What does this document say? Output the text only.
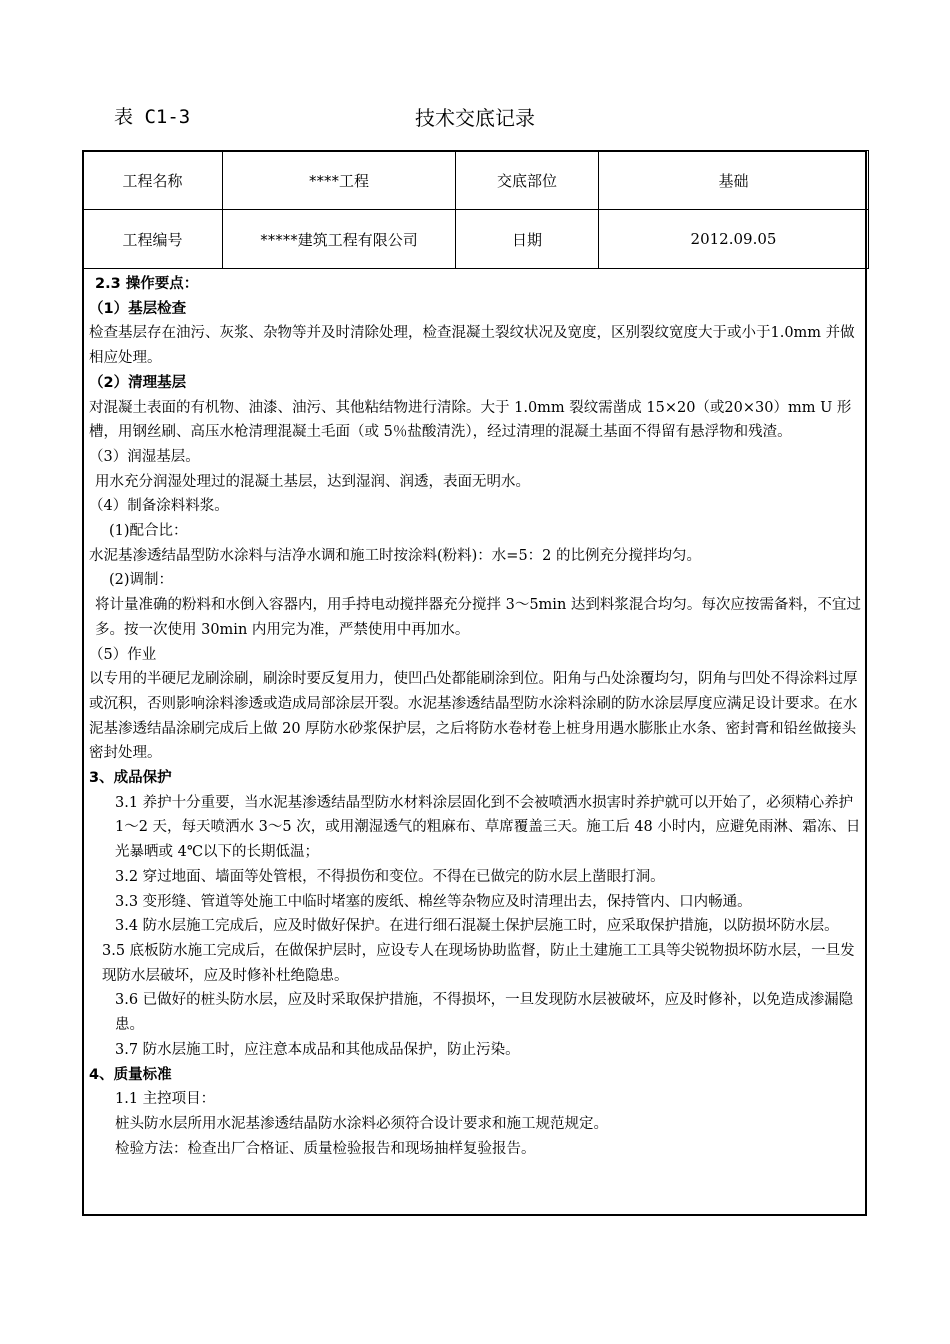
表 C1-3	技术交底记录
工程名称	****工程	交底部位	基础
工程编号	*****建筑工程有限公司	日期	2012.09.05

2.3 操作要点：

（1）基层检查

检查基层存在油污、灰浆、杂物等并及时清除处理，检查混凝土裂纹状况及宽度，区别裂纹宽度大于或小于1.0mm 并做相应处理。

（2）清理基层

对混凝土表面的有机物、油漆、油污、其他粘结物进行清除。大于 1.0mm 裂纹需凿成 15×20（或20×30）mm U 形槽，用钢丝刷、高压水枪清理混凝土毛面（或 5％盐酸清洗），经过清理的混凝土基面不得留有悬浮物和残渣。

（3）润湿基层。

用水充分润湿处理过的混凝土基层，达到湿润、润透，表面无明水。

（4）制备涂料料浆。

(1)配合比：

水泥基渗透结晶型防水涂料与洁净水调和施工时按涂料(粉料)：水=5：2 的比例充分搅拌均匀。

(2)调制：

将计量准确的粉料和水倒入容器内，用手持电动搅拌器充分搅拌 3～5min 达到料浆混合均匀。每次应按需备料，不宜过多。按一次使用 30min 内用完为准，严禁使用中再加水。

（5）作业

以专用的半硬尼龙刷涂刷，刷涂时要反复用力，使凹凸处都能刷涂到位。阳角与凸处涂覆均匀，阴角与凹处不得涂料过厚或沉积，否则影响涂料渗透或造成局部涂层开裂。水泥基渗透结晶型防水涂料涂刷的防水涂层厚度应满足设计要求。在水泥基渗透结晶涂刷完成后上做 20 厚防水砂浆保护层，之后将防水卷材卷上桩身用遇水膨胀止水条、密封膏和铅丝做接头密封处理。

3、成品保护

3.1 养护十分重要，当水泥基渗透结晶型防水材料涂层固化到不会被喷洒水损害时养护就可以开始了，必须精心养护 1～2 天，每天喷洒水 3～5 次，或用潮湿透气的粗麻布、草席覆盖三天。施工后 48 小时内，应避免雨淋、霜冻、日光暴晒或 4℃以下的长期低温；

3.2 穿过地面、墙面等处管根，不得损伤和变位。不得在已做完的防水层上凿眼打洞。

3.3 变形缝、管道等处施工中临时堵塞的废纸、棉丝等杂物应及时清理出去，保持管内、口内畅通。

3.4 防水层施工完成后，应及时做好保护。在进行细石混凝土保护层施工时，应采取保护措施，以防损坏防水层。

3.5 底板防水施工完成后，在做保护层时，应设专人在现场协助监督，防止土建施工工具等尖锐物损坏防水层，一旦发现防水层破坏，应及时修补杜绝隐患。

3.6 已做好的桩头防水层，应及时采取保护措施，不得损坏，一旦发现防水层被破坏，应及时修补，以免造成渗漏隐患。

3.7 防水层施工时，应注意本成品和其他成品保护，防止污染。

4、质量标准

1.1 主控项目：

桩头防水层所用水泥基渗透结晶防水涂料必须符合设计要求和施工规范规定。

检验方法：检查出厂合格证、质量检验报告和现场抽样复验报告。
